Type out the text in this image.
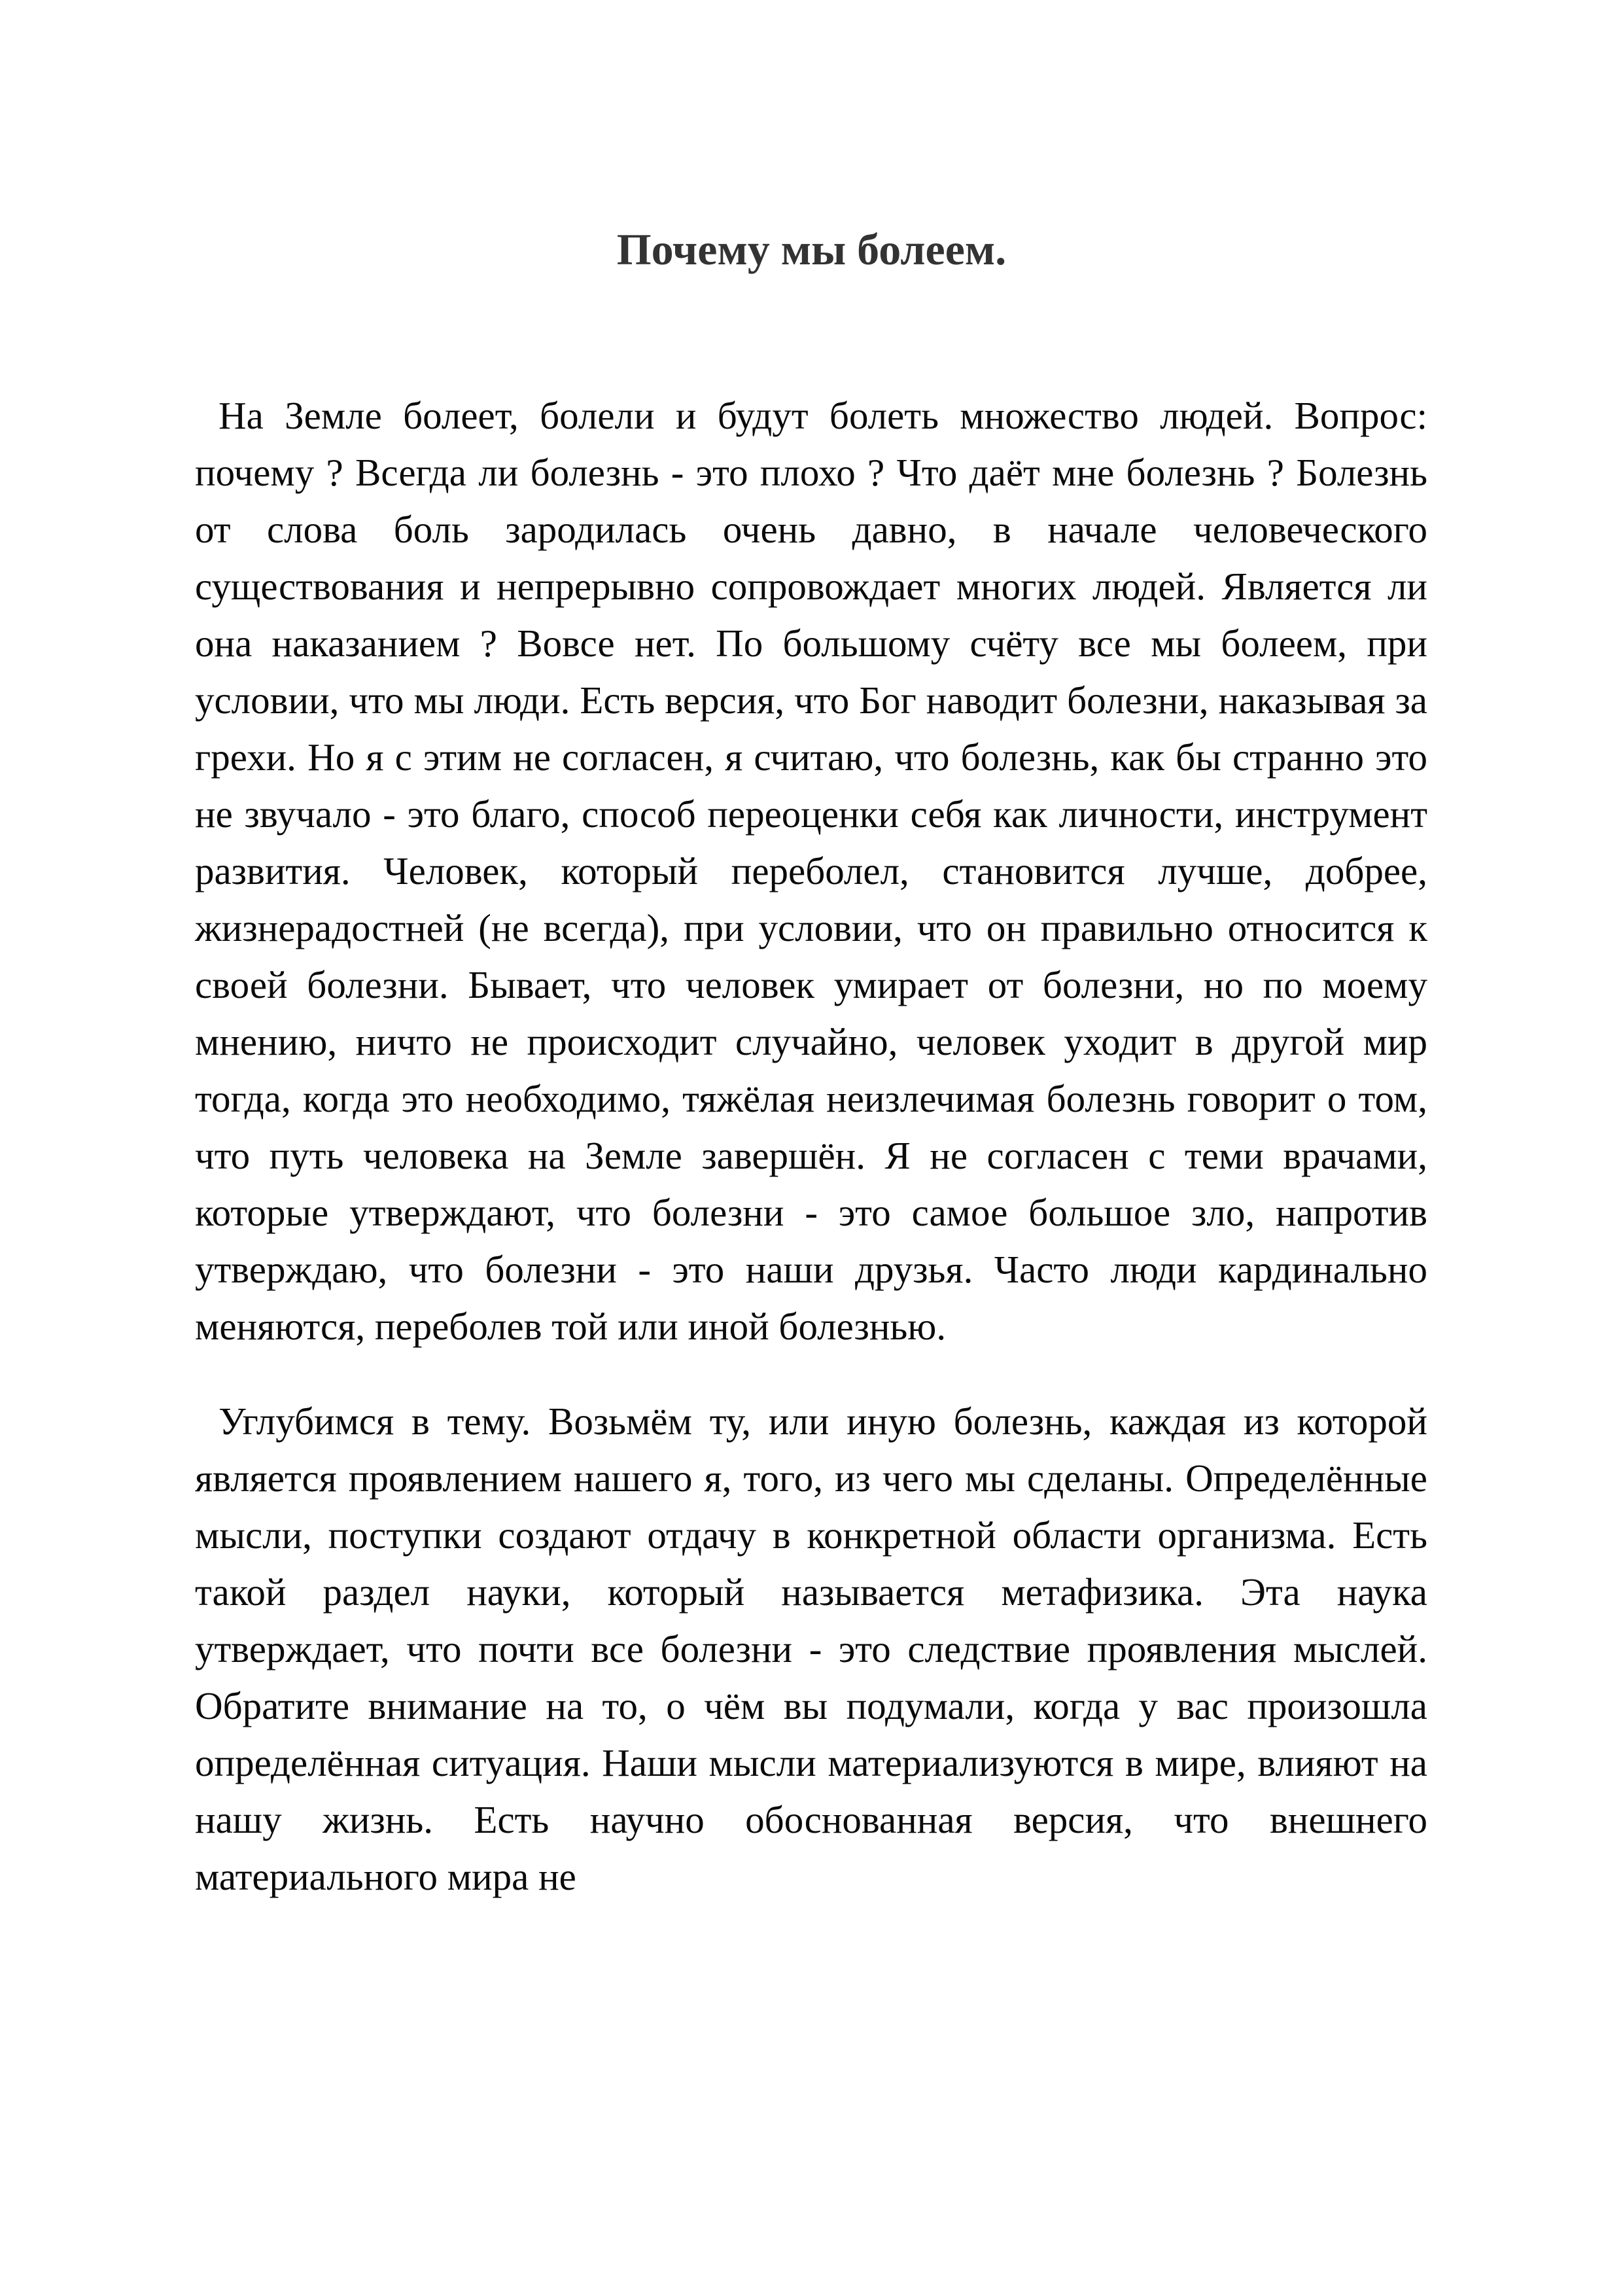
Почему мы болеем.

На Земле болеет, болели и будут болеть множество людей. Вопрос: почему ? Всегда ли болезнь - это плохо ? Что даёт мне болезнь ? Болезнь от слова боль зародилась очень давно, в начале человеческого существования и непрерывно сопровождает многих людей. Является ли она наказанием ? Вовсе нет. По большому счёту все мы болеем, при условии, что мы люди. Есть версия, что Бог наводит болезни, наказывая за грехи. Но я с этим не согласен, я считаю, что болезнь, как бы странно это не звучало - это благо, способ переоценки себя как личности, инструмент развития. Человек, который переболел, становится лучше, добрее, жизнерадостней (не всегда), при условии, что он правильно относится к своей болезни. Бывает, что человек умирает от болезни, но по моему мнению, ничто не происходит случайно, человек уходит в другой мир тогда, когда это необходимо, тяжёлая неизлечимая болезнь говорит о том, что путь человека на Земле завершён. Я не согласен с теми врачами, которые утверждают, что болезни - это самое большое зло, напротив утверждаю, что болезни - это наши друзья. Часто люди кардинально меняются, переболев той или иной болезнью.

Углубимся в тему. Возьмём ту, или иную болезнь, каждая из которой является проявлением нашего я, того, из чего мы сделаны. Определённые мысли, поступки создают отдачу в конкретной области организма. Есть такой раздел науки, который называется метафизика. Эта наука утверждает, что почти все болезни - это следствие проявления мыслей. Обратите внимание на то, о чём вы подумали, когда у вас произошла определённая ситуация. Наши мысли материализуются в мире, влияют на нашу жизнь. Есть научно обоснованная версия, что внешнего материального мира не
